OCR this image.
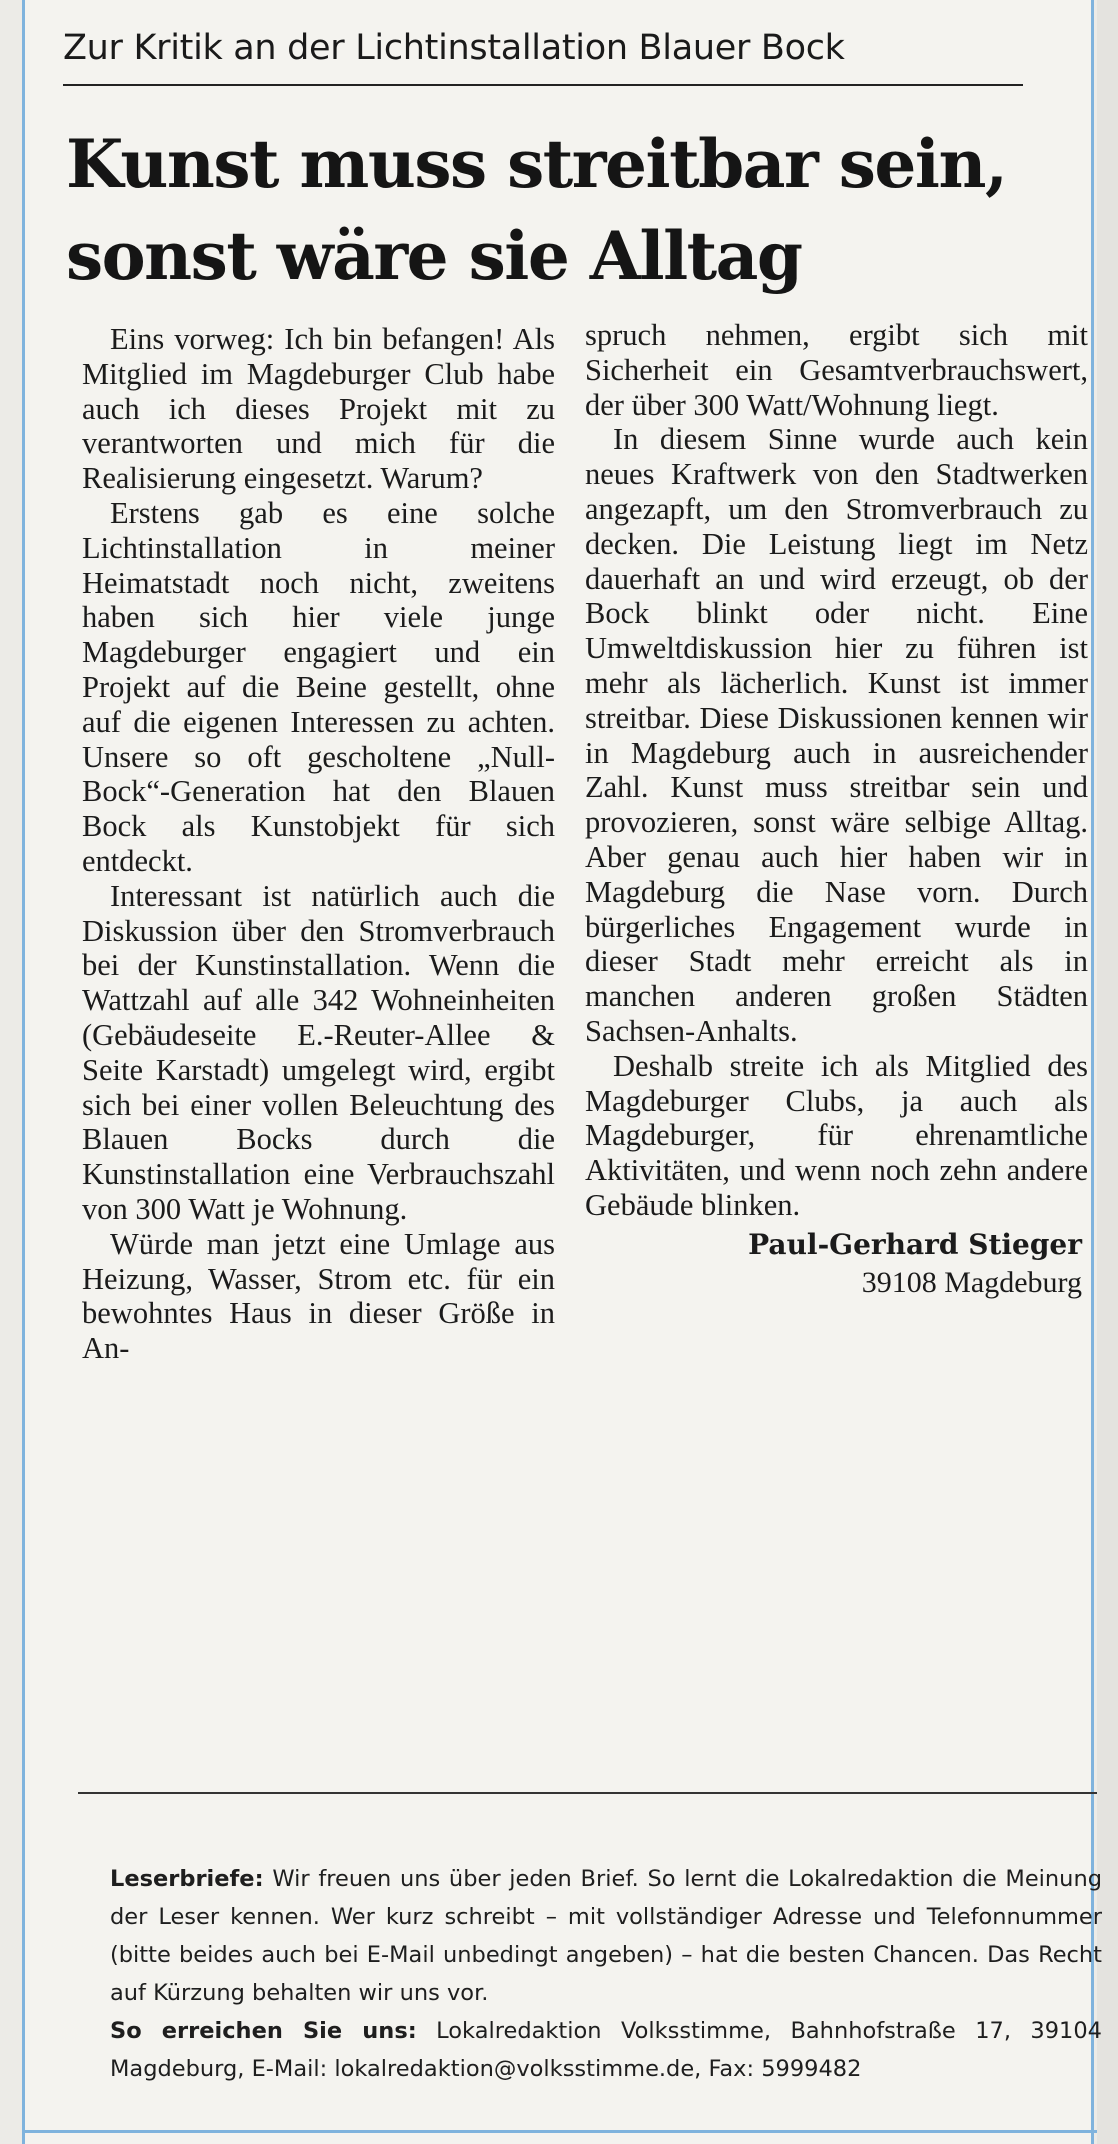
Zur Kritik an der Lichtinstallation Blauer Bock
Kunst muss streitbar sein,
sonst wäre sie Alltag

Eins vorweg: Ich bin befangen! Als Mitglied im Magdeburger Club habe auch ich dieses Projekt mit zu verantworten und mich für die Realisierung eingesetzt. Warum?

Erstens gab es eine solche Lichtinstallation in meiner Heimatstadt noch nicht, zweitens haben sich hier viele junge Magdeburger engagiert und ein Projekt auf die Beine gestellt, ohne auf die eigenen Interessen zu achten. Unsere so oft gescholtene „Null-Bock“-Generation hat den Blauen Bock als Kunstobjekt für sich entdeckt.

Interessant ist natürlich auch die Diskussion über den Stromverbrauch bei der Kunstinstallation. Wenn die Wattzahl auf alle 342 Wohneinheiten (Gebäudeseite E.-Reuter-Allee & Seite Karstadt) umgelegt wird, ergibt sich bei einer vollen Beleuchtung des Blauen Bocks durch die Kunstinstallation eine Verbrauchszahl von 300 Watt je Wohnung.

Würde man jetzt eine Umlage aus Heizung, Wasser, Strom etc. für ein bewohntes Haus in dieser Größe in An-

spruch nehmen, ergibt sich mit Sicherheit ein Gesamtverbrauchswert, der über 300 Watt/Wohnung liegt.

In diesem Sinne wurde auch kein neues Kraftwerk von den Stadtwerken angezapft, um den Stromverbrauch zu decken. Die Leistung liegt im Netz dauerhaft an und wird erzeugt, ob der Bock blinkt oder nicht. Eine Umweltdiskussion hier zu führen ist mehr als lächerlich. Kunst ist immer streitbar. Diese Diskussionen kennen wir in Magdeburg auch in ausreichender Zahl. Kunst muss streitbar sein und provozieren, sonst wäre selbige Alltag. Aber genau auch hier haben wir in Magdeburg die Nase vorn. Durch bürgerliches Engagement wurde in dieser Stadt mehr erreicht als in manchen anderen großen Städten Sachsen-Anhalts.

Deshalb streite ich als Mitglied des Magdeburger Clubs, ja auch als Magdeburger, für ehrenamtliche Aktivitäten, und wenn noch zehn andere Gebäude blinken.

Paul-Gerhard Stieger
39108 Magdeburg

Leserbriefe: Wir freuen uns über jeden Brief. So lernt die Lokalredaktion die Meinung der Leser kennen. Wer kurz schreibt – mit vollständiger Adresse und Telefonnummer (bitte beides auch bei E-Mail unbedingt angeben) – hat die besten Chancen. Das Recht auf Kürzung behalten wir uns vor.

So erreichen Sie uns: Lokalredaktion Volksstimme, Bahnhofstraße 17, 39104 Magdeburg, E-Mail: lokalredaktion@volksstimme.de, Fax: 5999482
